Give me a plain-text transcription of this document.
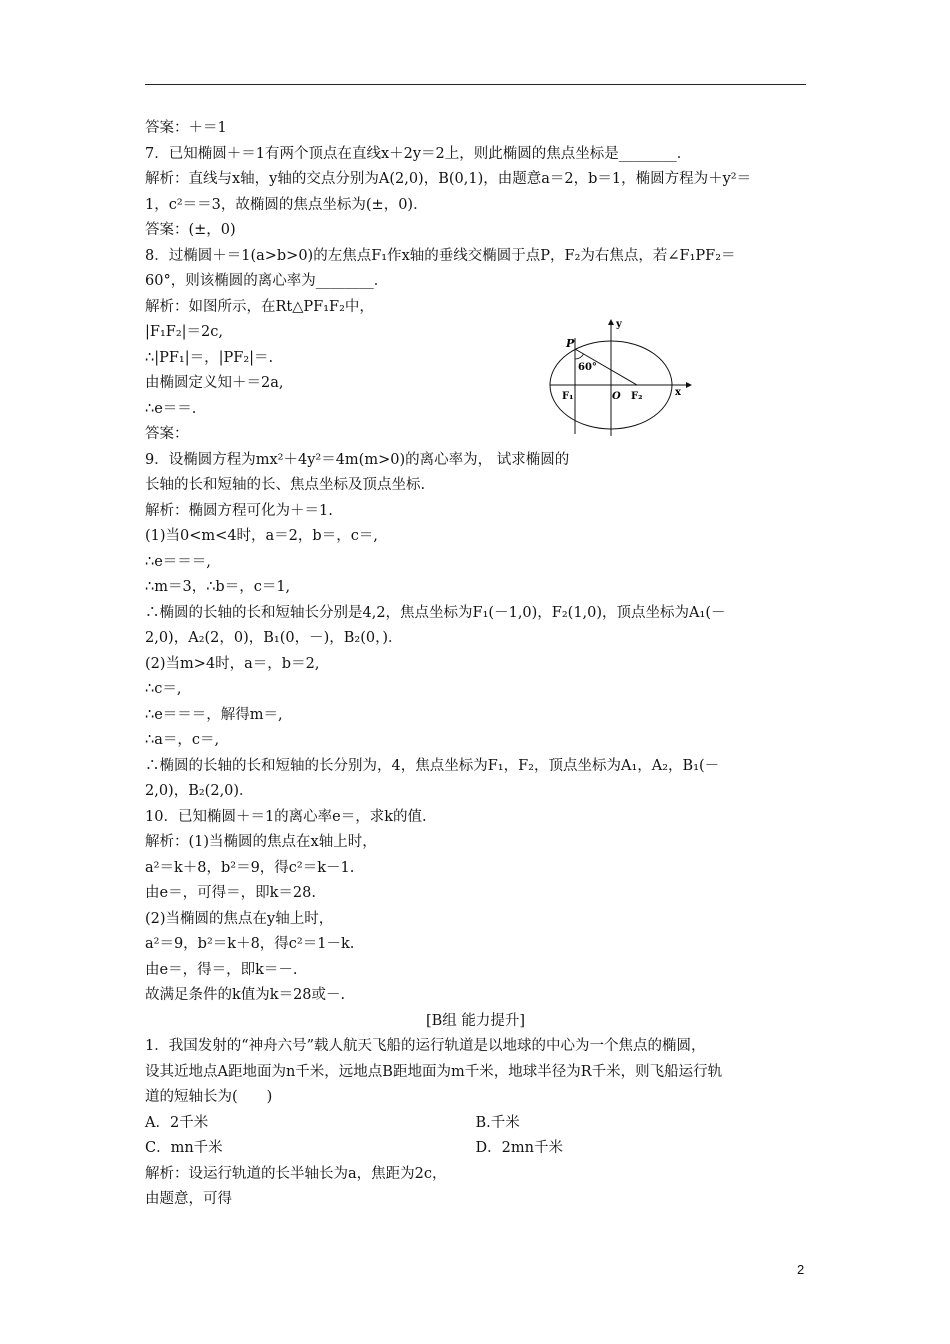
答案：＋＝1
7．已知椭圆＋＝1有两个顶点在直线x＋2y＝2上，则此椭圆的焦点坐标是________．
解析：直线与x轴，y轴的交点分别为A(2,0)，B(0,1)，由题意a＝2，b＝1，椭圆方程为＋y²＝
1，c²＝＝3，故椭圆的焦点坐标为(±，0)．
答案：(±，0)
8．过椭圆＋＝1(a>b>0)的左焦点F₁作x轴的垂线交椭圆于点P，F₂为右焦点，若∠F₁PF₂＝
60°，则该椭圆的离心率为________．
解析：如图所示，在Rt△PF₁F₂中，
|F₁F₂|＝2c,
∴|PF₁|＝，|PF₂|＝.
由椭圆定义知＋＝2a,
∴e＝＝.
答案：
9．设椭圆方程为mx²＋4y²＝4m(m>0)的离心率为， 试求椭圆的
长轴的长和短轴的长、焦点坐标及顶点坐标.
解析：椭圆方程可化为＋＝1.
(1)当0<m<4时，a＝2，b＝，c＝,
∴e＝＝＝,
∴m＝3，∴b＝，c＝1,
∴椭圆的长轴的长和短轴长分别是4,2，焦点坐标为F₁(－1,0)，F₂(1,0)，顶点坐标为A₁(－
2,0)，A₂(2，0)，B₁(0，－)，B₂(0，)．
(2)当m>4时，a＝，b＝2,
∴c＝,
∴e＝＝＝，解得m＝,
∴a＝，c＝,
∴椭圆的长轴的长和短轴的长分别为，4，焦点坐标为F₁，F₂，顶点坐标为A₁，A₂，B₁(－
2,0)，B₂(2,0)．
10．已知椭圆＋＝1的离心率e＝，求k的值.
解析：(1)当椭圆的焦点在x轴上时，
a²＝k＋8，b²＝9，得c²＝k－1.
由e＝，可得＝，即k＝28.
(2)当椭圆的焦点在y轴上时，
a²＝9，b²＝k＋8，得c²＝1－k.
由e＝，得＝，即k＝－.
故满足条件的k值为k＝28或－.
[B组 能力提升]
1．我国发射的“神舟六号”载人航天飞船的运行轨道是以地球的中心为一个焦点的椭圆，
设其近地点A距地面为n千米，远地点B距地面为m千米，地球半径为R千米，则飞船运行轨
道的短轴长为(　　)
A．2千米	B.千米
C．mn千米	D．2mn千米
解析：设运行轨道的长半轴长为a，焦距为2c，
由题意，可得
y
x
P
60°
F₁	O F₂
2
